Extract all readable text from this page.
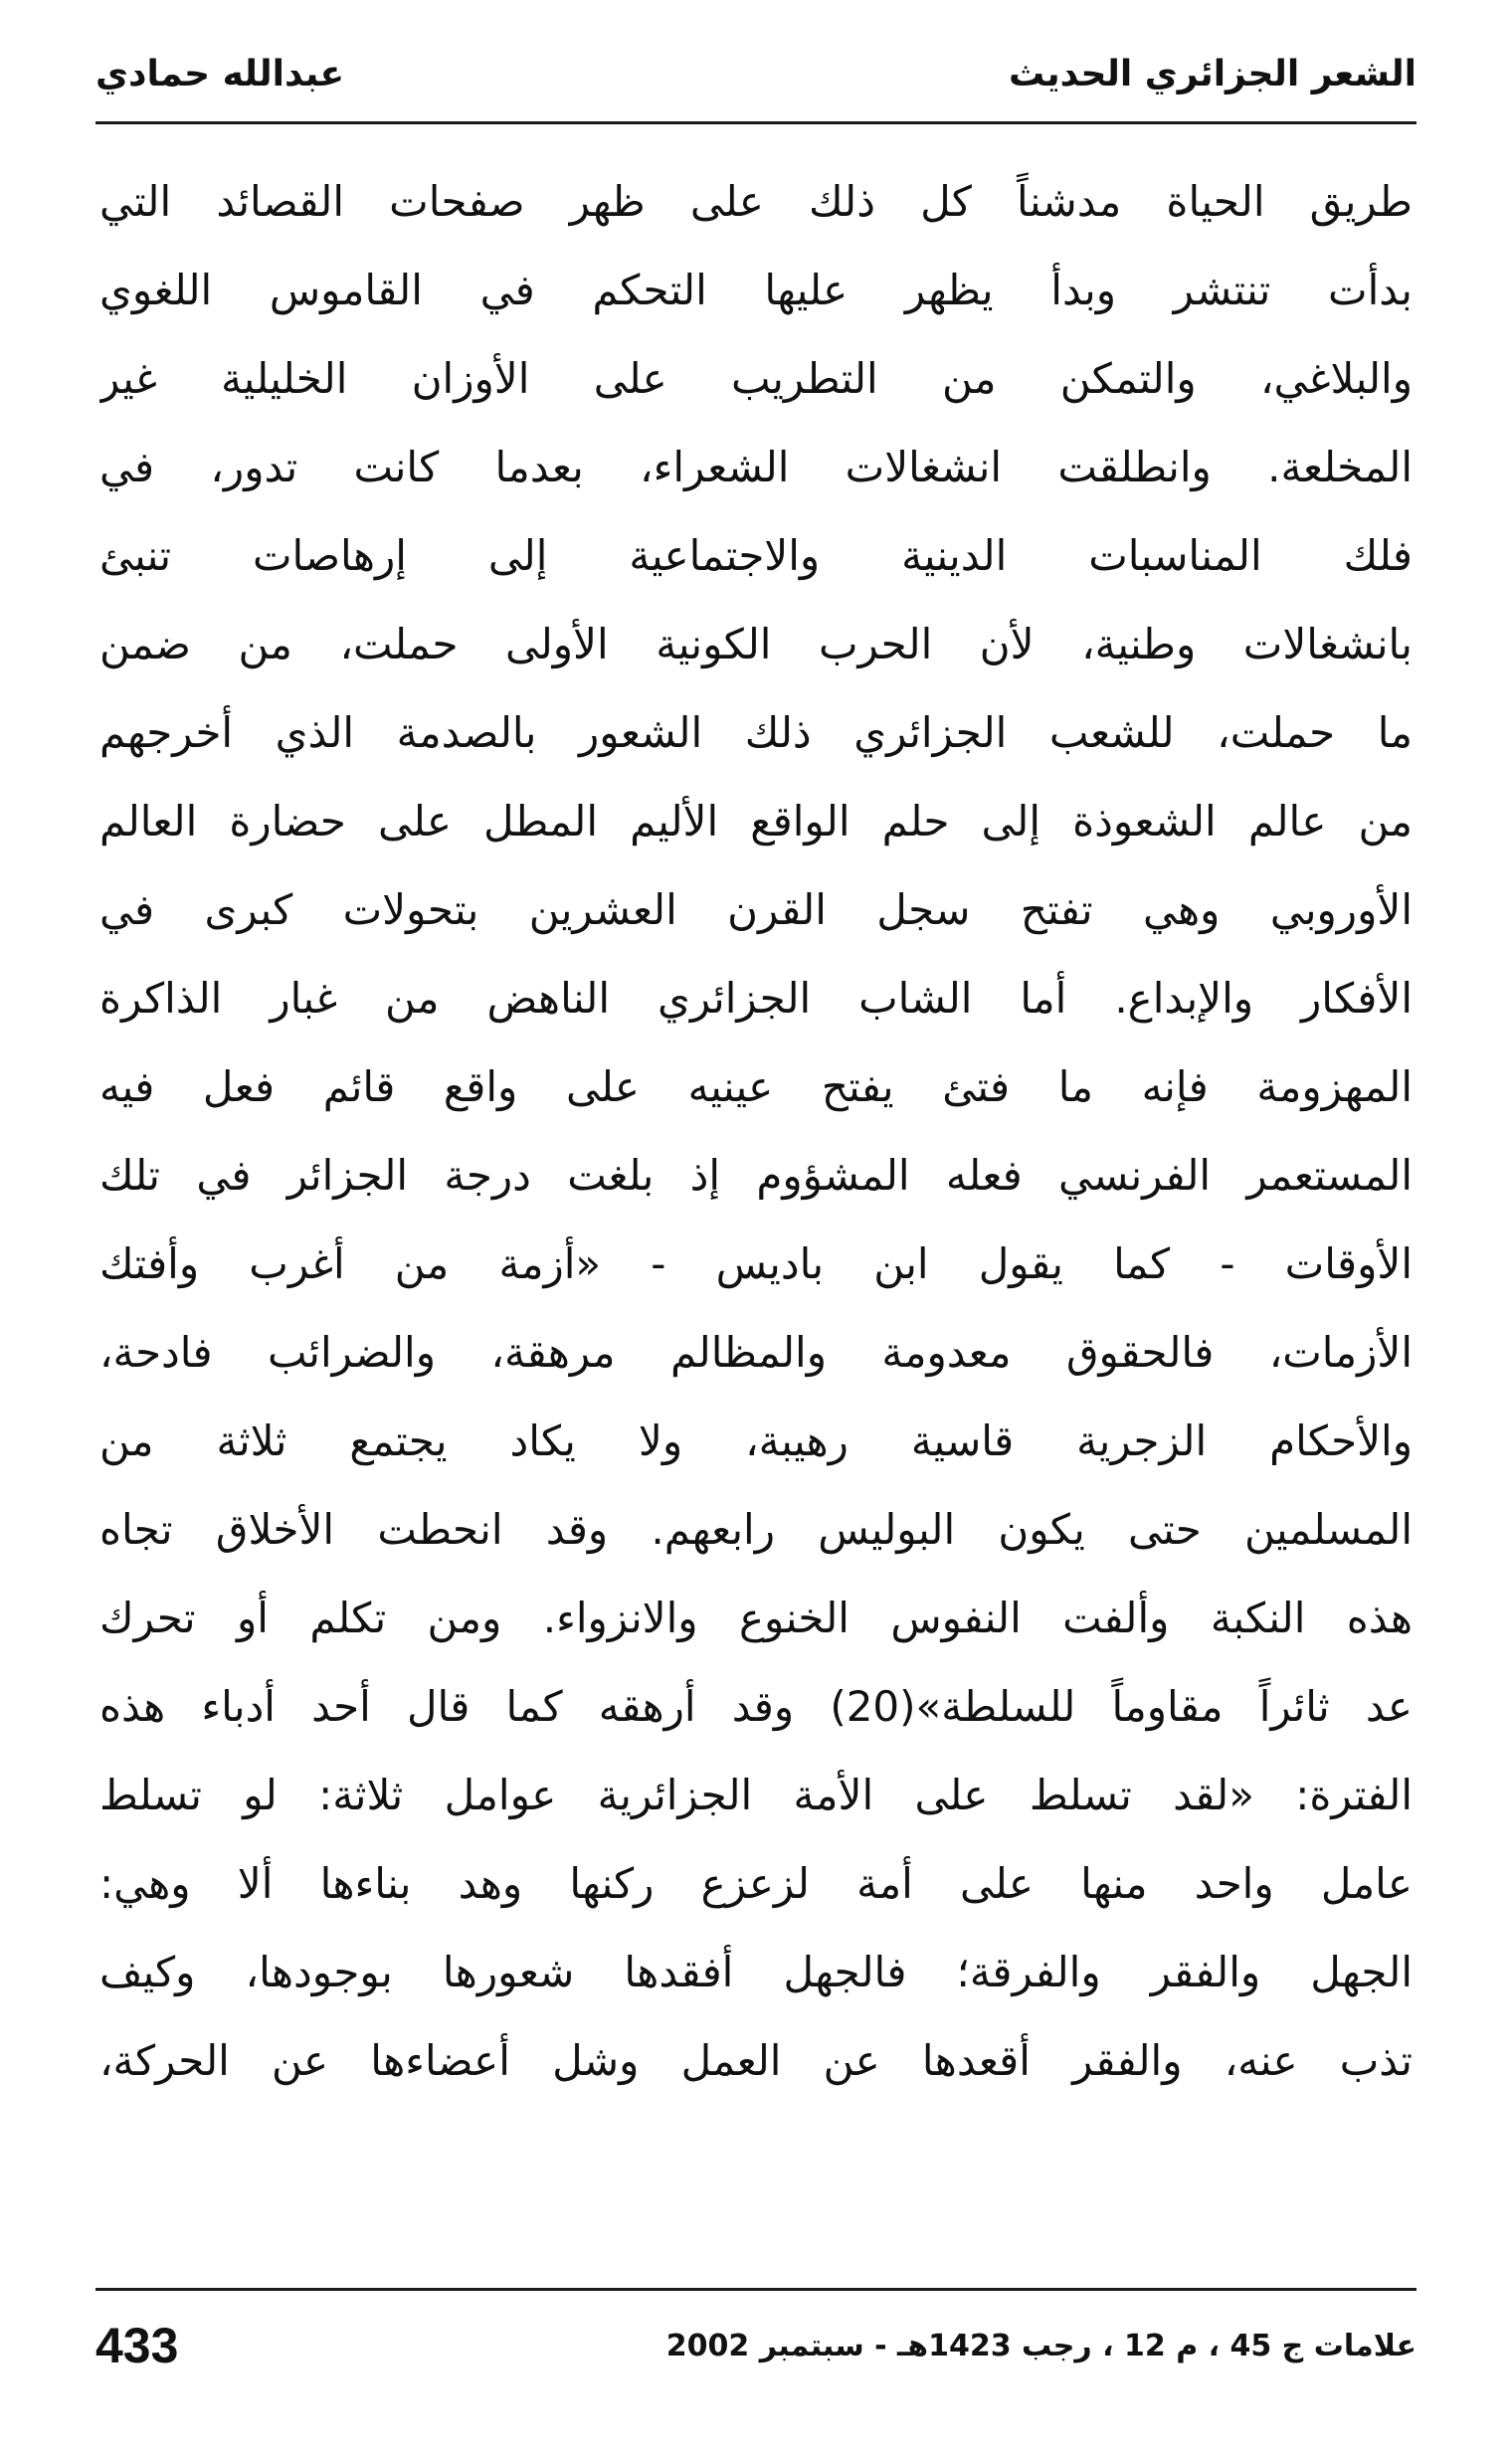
الشعر الجزائري الحديث
عبدالله حمادي
طريق الحياة مدشناً كل ذلك على ظهر صفحات القصائد التي
بدأت تنتشر وبدأ يظهر عليها التحكم في القاموس اللغوي
والبلاغي، والتمكن من التطريب على الأوزان الخليلية غير
المخلعة. وانطلقت انشغالات الشعراء، بعدما كانت تدور، في
فلك المناسبات الدينية والاجتماعية إلى إرهاصات تنبئ
بانشغالات وطنية، لأن الحرب الكونية الأولى حملت، من ضمن
ما حملت، للشعب الجزائري ذلك الشعور بالصدمة الذي أخرجهم
من عالم الشعوذة إلى حلم الواقع الأليم المطل على حضارة العالم
الأوروبي وهي تفتح سجل القرن العشرين بتحولات كبرى في
الأفكار والإبداع. أما الشاب الجزائري الناهض من غبار الذاكرة
المهزومة فإنه ما فتئ يفتح عينيه على واقع قائم فعل فيه
المستعمر الفرنسي فعله المشؤوم إذ بلغت درجة الجزائر في تلك
الأوقات - كما يقول ابن باديس - «أزمة من أغرب وأفتك
الأزمات، فالحقوق معدومة والمظالم مرهقة، والضرائب فادحة،
والأحكام الزجرية قاسية رهيبة، ولا يكاد يجتمع ثلاثة من
المسلمين حتى يكون البوليس رابعهم. وقد انحطت الأخلاق تجاه
هذه النكبة وألفت النفوس الخنوع والانزواء. ومن تكلم أو تحرك
عد ثائراً مقاوماً للسلطة»(20) وقد أرهقه كما قال أحد أدباء هذه
الفترة: «لقد تسلط على الأمة الجزائرية عوامل ثلاثة: لو تسلط
عامل واحد منها على أمة لزعزع ركنها وهد بناءها ألا وهي:
الجهل والفقر والفرقة؛ فالجهل أفقدها شعورها بوجودها، وكيف
تذب عنه، والفقر أقعدها عن العمل وشل أعضاءها عن الحركة،
علامات ج 45 ، م 12 ، رجب 1423هـ - سبتمبر 2002
433
